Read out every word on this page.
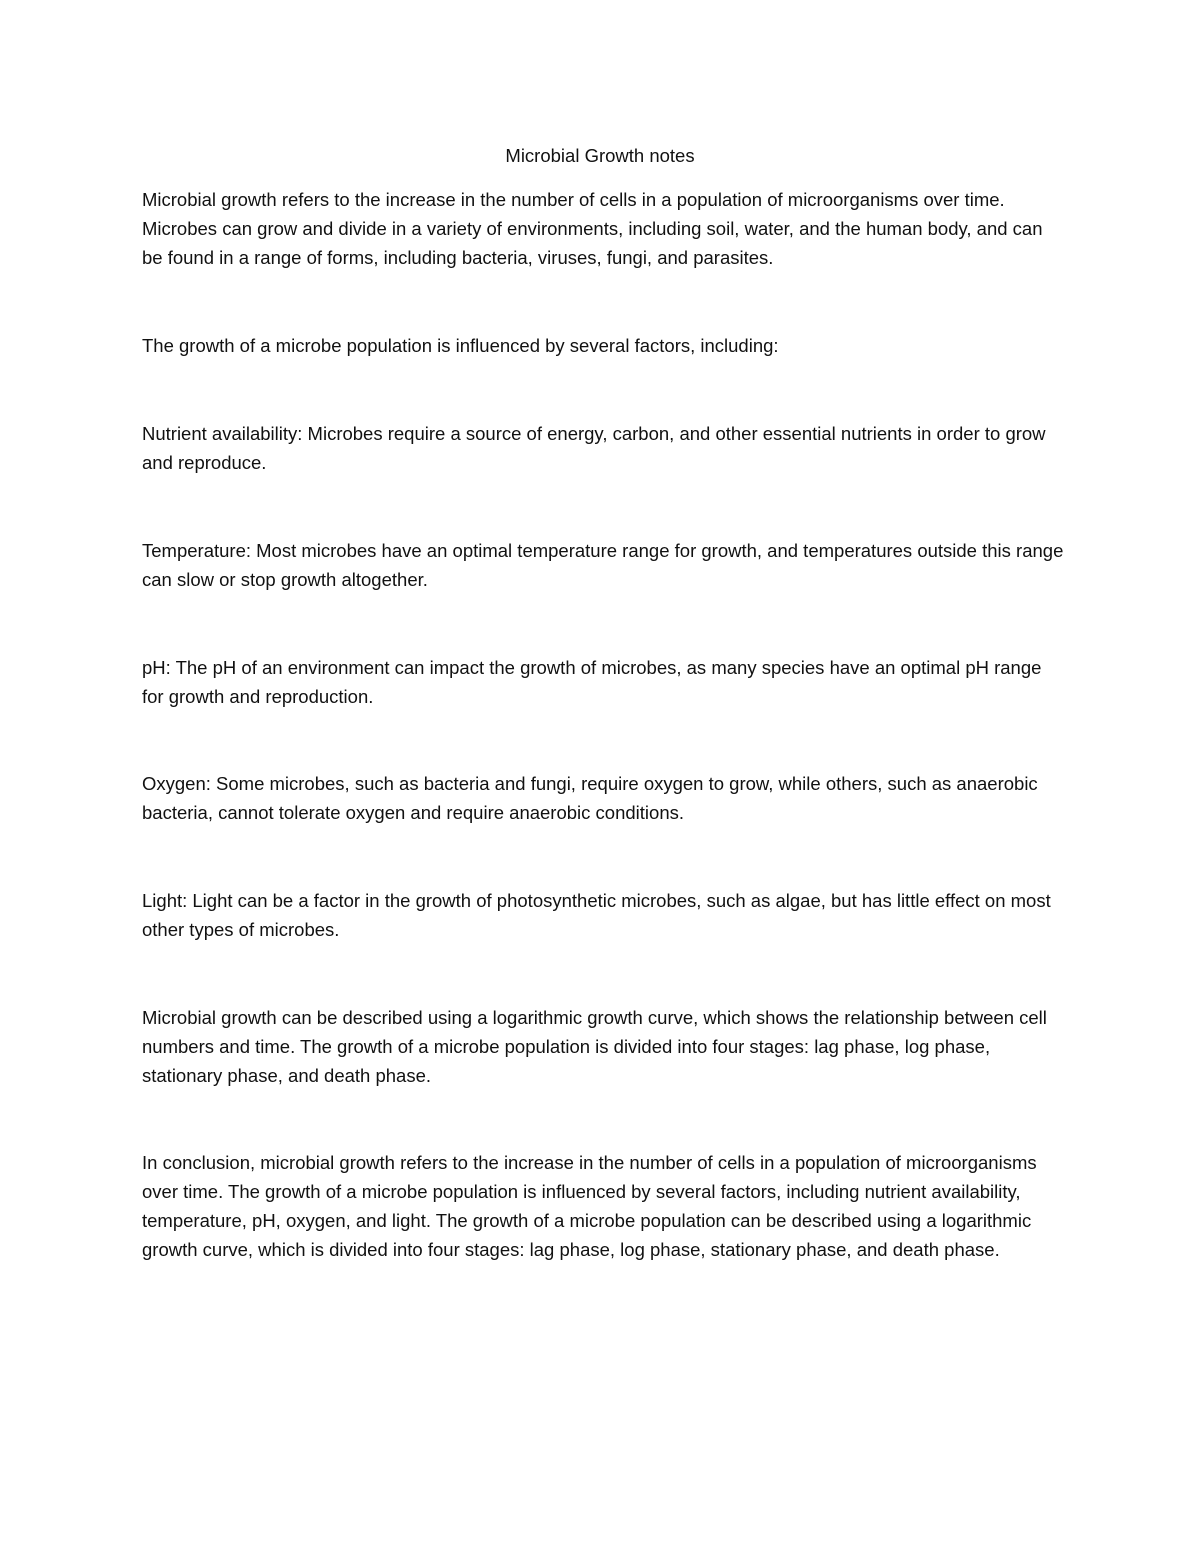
Microbial Growth notes

Microbial growth refers to the increase in the number of cells in a population of microorganisms over time. Microbes can grow and divide in a variety of environments, including soil, water, and the human body, and can be found in a range of forms, including bacteria, viruses, fungi, and parasites.

The growth of a microbe population is influenced by several factors, including:

Nutrient availability: Microbes require a source of energy, carbon, and other essential nutrients in order to grow and reproduce.

Temperature: Most microbes have an optimal temperature range for growth, and temperatures outside this range can slow or stop growth altogether.

pH: The pH of an environment can impact the growth of microbes, as many species have an optimal pH range for growth and reproduction.

Oxygen: Some microbes, such as bacteria and fungi, require oxygen to grow, while others, such as anaerobic bacteria, cannot tolerate oxygen and require anaerobic conditions.

Light: Light can be a factor in the growth of photosynthetic microbes, such as algae, but has little effect on most other types of microbes.

Microbial growth can be described using a logarithmic growth curve, which shows the relationship between cell numbers and time. The growth of a microbe population is divided into four stages: lag phase, log phase, stationary phase, and death phase.

In conclusion, microbial growth refers to the increase in the number of cells in a population of microorganisms over time. The growth of a microbe population is influenced by several factors, including nutrient availability, temperature, pH, oxygen, and light. The growth of a microbe population can be described using a logarithmic growth curve, which is divided into four stages: lag phase, log phase, stationary phase, and death phase.
